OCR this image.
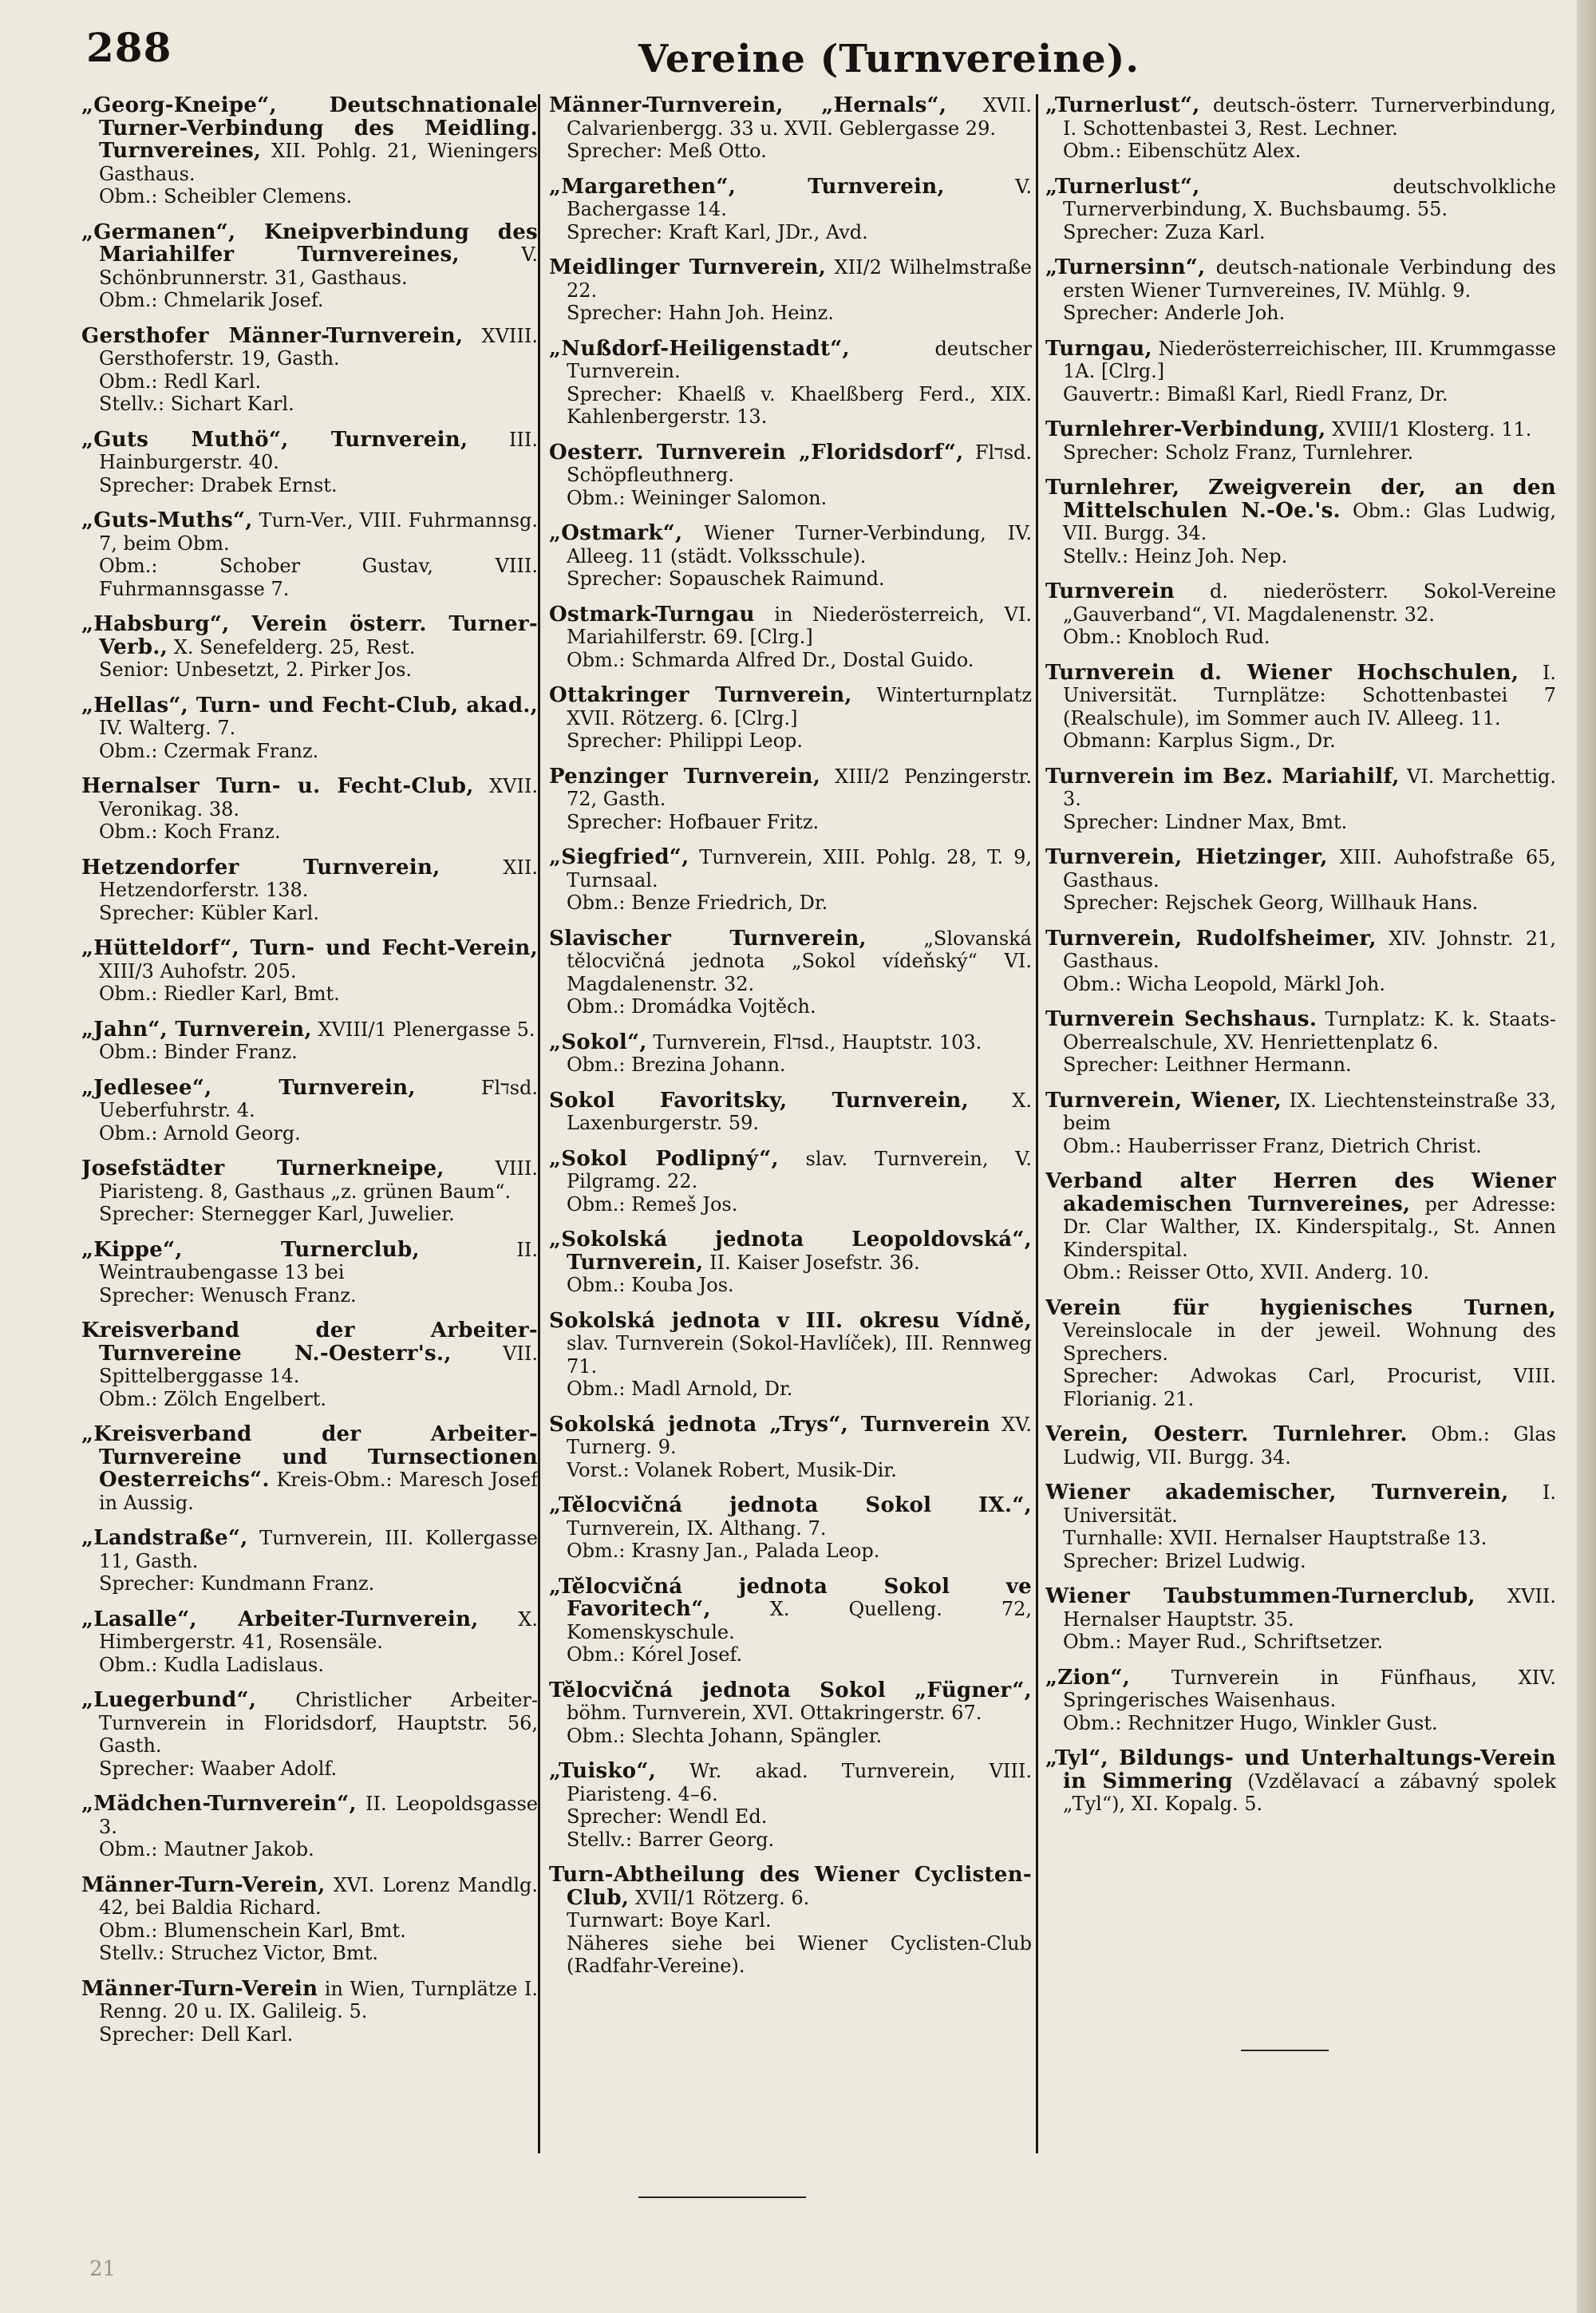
288	Vereine (Turnvereine).
„Georg-Kneipe“, Deutschnationale Turner-Verbindung des Meidling. Turnvereines, XII. Pohlg. 21, Wieningers Gasthaus.
Obm.: Scheibler Clemens.
„Germanen“, Kneipverbindung des Mariahilfer Turnvereines,	V. Schönbrunnerstr. 31, Gasthaus.
Obm.: Chmelarik Josef.
Gersthofer Männer-Turnverein, XVIII. Gersthoferstr. 19, Gasth.
Obm.: Redl Karl.
Stellv.: Sichart Karl.
„Guts Muthö“, Turnverein, III. Hainburgerstr. 40.
Sprecher: Drabek Ernst.
„Guts-Muths“, Turn-Ver., VIII. Fuhrmannsg. 7, beim Obm.
Obm.: Schober Gustav, VIII. Fuhrmannsgasse 7.
„Habsburg“, Verein österr. Turner-Verb., X. Senefelderg. 25, Rest.
Senior: Unbesetzt, 2. Pirker Jos.
„Hellas“, Turn- und Fecht-Club, akad., IV. Walterg. 7.
Obm.: Czermak Franz.
Hernalser Turn- u. Fecht-Club, XVII. Veronikag. 38.
Obm.: Koch Franz.
Hetzendorfer Turnverein,	XII. Hetzendorferstr. 138.
Sprecher: Kübler Karl.
„Hütteldorf“, Turn- und Fecht-Verein, XIII/3 Auhofstr. 205.
Obm.: Riedler Karl, Bmt.
„Jahn“, Turnverein, XVIII/1 Plenergasse 5.
Obm.: Binder Franz.
„Jedlesee“, Turnverein,	Flדsd. Ueberfuhrstr. 4.
Obm.: Arnold Georg.
Josefstädter Turnerkneipe,	VIII. Piaristeng. 8, Gasthaus „z. grünen Baum“.
Sprecher: Sternegger Karl, Juwelier.
„Kippe“, Turnerclub,	II. Weintraubengasse 13 bei
Sprecher: Wenusch Franz.
Kreisverband der Arbeiter-Turnvereine N.-Oesterr's.,	VII. Spittelberggasse 14.
Obm.: Zölch Engelbert.
„Kreisverband der Arbeiter-Turnvereine und Turnsectionen Oesterreichs“. Kreis-Obm.: Maresch Josef in Aussig.
„Landstraße“, Turnverein, III. Kollergasse 11, Gasth.
Sprecher: Kundmann Franz.
„Lasalle“, Arbeiter-Turnverein, X. Himbergerstr. 41, Rosensäle.
Obm.: Kudla Ladislaus.
„Luegerbund“, Christlicher Arbeiter-Turnverein in Floridsdorf, Hauptstr. 56, Gasth.
Sprecher: Waaber Adolf.
„Mädchen-Turnverein“, II. Leopoldsgasse 3.
Obm.: Mautner Jakob.
Männer-Turn-Verein, XVI. Lorenz Mandlg. 42, bei Baldia Richard.
Obm.: Blumenschein Karl, Bmt.
Stellv.: Struchez Victor, Bmt.
Männer-Turn-Verein in Wien, Turnplätze I. Renng. 20 u. IX. Galileig. 5.
Sprecher: Dell Karl.
Männer-Turnverein, „Hernals“, XVII. Calvarienbergg. 33 u. XVII. Geblergasse 29.
Sprecher: Meß Otto.
„Margarethen“, Turnverein,	V. Bachergasse 14.
Sprecher: Kraft Karl, JDr., Avd.
Meidlinger Turnverein, XII/2 Wilhelmstraße 22.
Sprecher: Hahn Joh. Heinz.
„Nußdorf-Heiligenstadt“,	deutscher Turnverein.
Sprecher: Khaelß v. Khaelßberg Ferd., XIX. Kahlenbergerstr. 13.
Oesterr. Turnverein „Floridsdorf“, Flדsd. Schöpfleuthnerg.
Obm.: Weininger Salomon.
„Ostmark“, Wiener Turner-Verbindung, IV. Alleeg. 11 (städt. Volksschule).
Sprecher: Sopauschek Raimund.
Ostmark-Turngau in Niederösterreich, VI. Mariahilferstr. 69. [Clrg.]
Obm.: Schmarda Alfred Dr., Dostal Guido.
Ottakringer Turnverein, Winterturnplatz XVII. Rötzerg. 6. [Clrg.]
Sprecher: Philippi Leop.
Penzinger Turnverein, XIII/2 Penzingerstr. 72, Gasth.
Sprecher: Hofbauer Fritz.
„Siegfried“, Turnverein, XIII. Pohlg. 28, T. 9, Turnsaal.
Obm.: Benze Friedrich, Dr.
Slavischer Turnverein,	„Slovanská tělocvičná jednota „Sokol vídeňský“ VI. Magdalenenstr. 32.
Obm.: Dromádka Vojtěch.
„Sokol“, Turnverein, Flדsd., Hauptstr. 103.
Obm.: Brezina Johann.
Sokol Favoritsky, Turnverein, X. Laxenburgerstr. 59.
„Sokol Podlipný“, slav. Turnverein, V. Pilgramg. 22.
Obm.: Remeš Jos.
„Sokolská jednota Leopoldovská“, Turnverein, II. Kaiser Josefstr. 36.
Obm.: Kouba Jos.
Sokolská jednota v III. okresu Vídně, slav. Turnverein (Sokol-Havlíček), III. Rennweg 71.
Obm.: Madl Arnold, Dr.
Sokolská jednota „Trys“, Turnverein XV. Turnerg. 9.
Vorst.: Volanek Robert, Musik-Dir.
„Tělocvičná jednota Sokol IX.“, Turnverein, IX. Althang. 7.
Obm.: Krasny Jan., Palada Leop.
„Tělocvičná jednota Sokol ve Favoritech“,	X. Quelleng. 72, Komenskyschule.
Obm.: Kórel Josef.
Tělocvičná jednota Sokol „Fügner“, böhm. Turnverein, XVI. Ottakringerstr. 67.
Obm.: Slechta Johann, Spängler.
„Tuisko“, Wr. akad. Turnverein, VIII. Piaristeng. 4–6.
Sprecher: Wendl Ed.
Stellv.: Barrer Georg.
Turn-Abtheilung des Wiener Cyclisten-Club, XVII/1 Rötzerg. 6.
Turnwart: Boye Karl.
Näheres siehe bei Wiener Cyclisten-Club (Radfahr-Vereine).
„Turnerlust“, deutsch-österr. Turnerverbindung, I. Schottenbastei 3, Rest. Lechner.
Obm.: Eibenschütz Alex.
„Turnerlust“,	deutschvolkliche Turnerverbindung, X. Buchsbaumg. 55.
Sprecher: Zuza Karl.
„Turnersinn“, deutsch-nationale Verbindung des ersten Wiener Turnvereines, IV. Mühlg. 9.
Sprecher: Anderle Joh.
Turngau, Niederösterreichischer, III. Krummgasse 1A. [Clrg.]
Gauvertr.: Bimaßl Karl, Riedl Franz, Dr.
Turnlehrer-Verbindung, XVIII/1 Klosterg. 11.
Sprecher: Scholz Franz, Turnlehrer.
Turnlehrer, Zweigverein der, an den Mittelschulen N.-Oe.'s. Obm.: Glas Ludwig, VII. Burgg. 34.
Stellv.: Heinz Joh. Nep.
Turnverein d. niederösterr. Sokol-Vereine „Gauverband“, VI. Magdalenenstr. 32.
Obm.: Knobloch Rud.
Turnverein d. Wiener Hochschulen, I. Universität. Turnplätze: Schottenbastei 7 (Realschule), im Sommer auch IV. Alleeg. 11.
Obmann: Karplus Sigm., Dr.
Turnverein im Bez. Mariahilf, VI. Marchettig. 3.
Sprecher: Lindner Max, Bmt.
Turnverein, Hietzinger, XIII. Auhofstraße 65, Gasthaus.
Sprecher: Rejschek Georg, Willhauk Hans.
Turnverein, Rudolfsheimer, XIV. Johnstr. 21, Gasthaus.
Obm.: Wicha Leopold, Märkl Joh.
Turnverein Sechshaus. Turnplatz: K. k. Staats-Oberrealschule, XV. Henriettenplatz 6.
Sprecher: Leithner Hermann.
Turnverein, Wiener, IX. Liechtensteinstraße 33, beim
Obm.: Hauberrisser Franz, Dietrich Christ.
Verband alter Herren des Wiener akademischen Turnvereines, per Adresse: Dr. Clar Walther, IX. Kinderspitalg., St. Annen Kinderspital.
Obm.: Reisser Otto, XVII. Anderg. 10.
Verein für hygienisches Turnen, Vereinslocale in der jeweil. Wohnung des Sprechers.
Sprecher: Adwokas Carl, Procurist, VIII. Florianig. 21.
Verein, Oesterr. Turnlehrer. Obm.: Glas Ludwig, VII. Burgg. 34.
Wiener akademischer, Turnverein, I. Universität.
Turnhalle: XVII. Hernalser Hauptstraße 13.
Sprecher: Brizel Ludwig.
Wiener Taubstummen-Turnerclub, XVII. Hernalser Hauptstr. 35.
Obm.: Mayer Rud., Schriftsetzer.
„Zion“, Turnverein in Fünfhaus, XIV. Springerisches Waisenhaus.
Obm.: Rechnitzer Hugo, Winkler Gust.
„Tyl“, Bildungs- und Unterhaltungs-Verein in Simmering (Vzdělavací a zábavný spolek „Tyl“), XI. Kopalg. 5.
21
